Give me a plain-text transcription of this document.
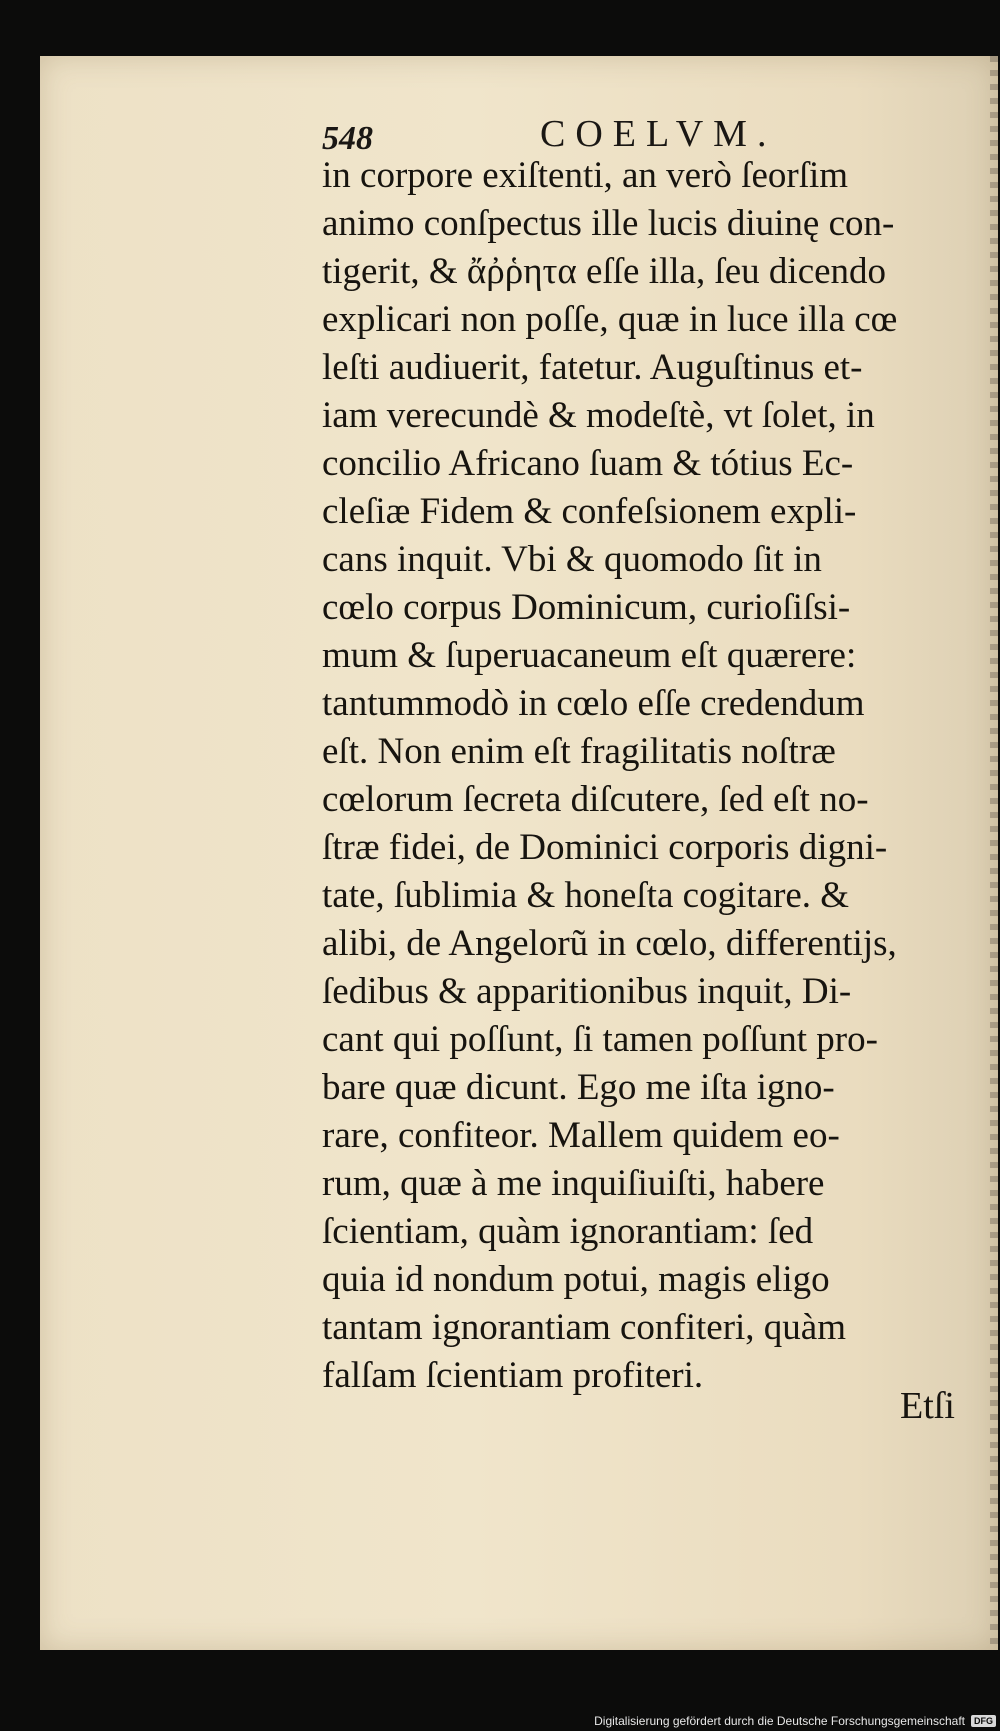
548	COELVM.
in corpore exiſtenti, an verò ſeorſim
animo conſpectus ille lucis diuinę con-
tigerit, & ἄῤῥητα eſſe illa, ſeu dicendo
explicari non poſſe, quæ in luce illa cœ
leſti audiuerit, fatetur. Auguſtinus et-
iam verecundè & modeſtè, vt ſolet, in
concilio Africano ſuam & tótius Ec-
cleſiæ Fidem & confeſsionem expli-
cans inquit. Vbi & quomodo ſit in
cœlo corpus Dominicum, curioſiſsi-
mum & ſuperuacaneum eſt quærere:
tantummodò in cœlo eſſe credendum
eſt. Non enim eſt fragilitatis noſtræ
cœlorum ſecreta diſcutere, ſed eſt no-
ſtræ fidei, de Dominici corporis digni-
tate, ſublimia & honeſta cogitare. &
alibi, de Angelorũ in cœlo, differentijs,
ſedibus & apparitionibus inquit, Di-
cant qui poſſunt, ſi tamen poſſunt pro-
bare quæ dicunt. Ego me iſta igno-
rare, confiteor. Mallem quidem eo-
rum, quæ à me inquiſiuiſti, habere
ſcientiam, quàm ignorantiam: ſed
quia id nondum potui, magis eligo
tantam ignorantiam confiteri, quàm
falſam ſcientiam profiteri.
Etſi
Digitalisierung gefördert durch die Deutsche Forschungsgemeinschaft	DFG
